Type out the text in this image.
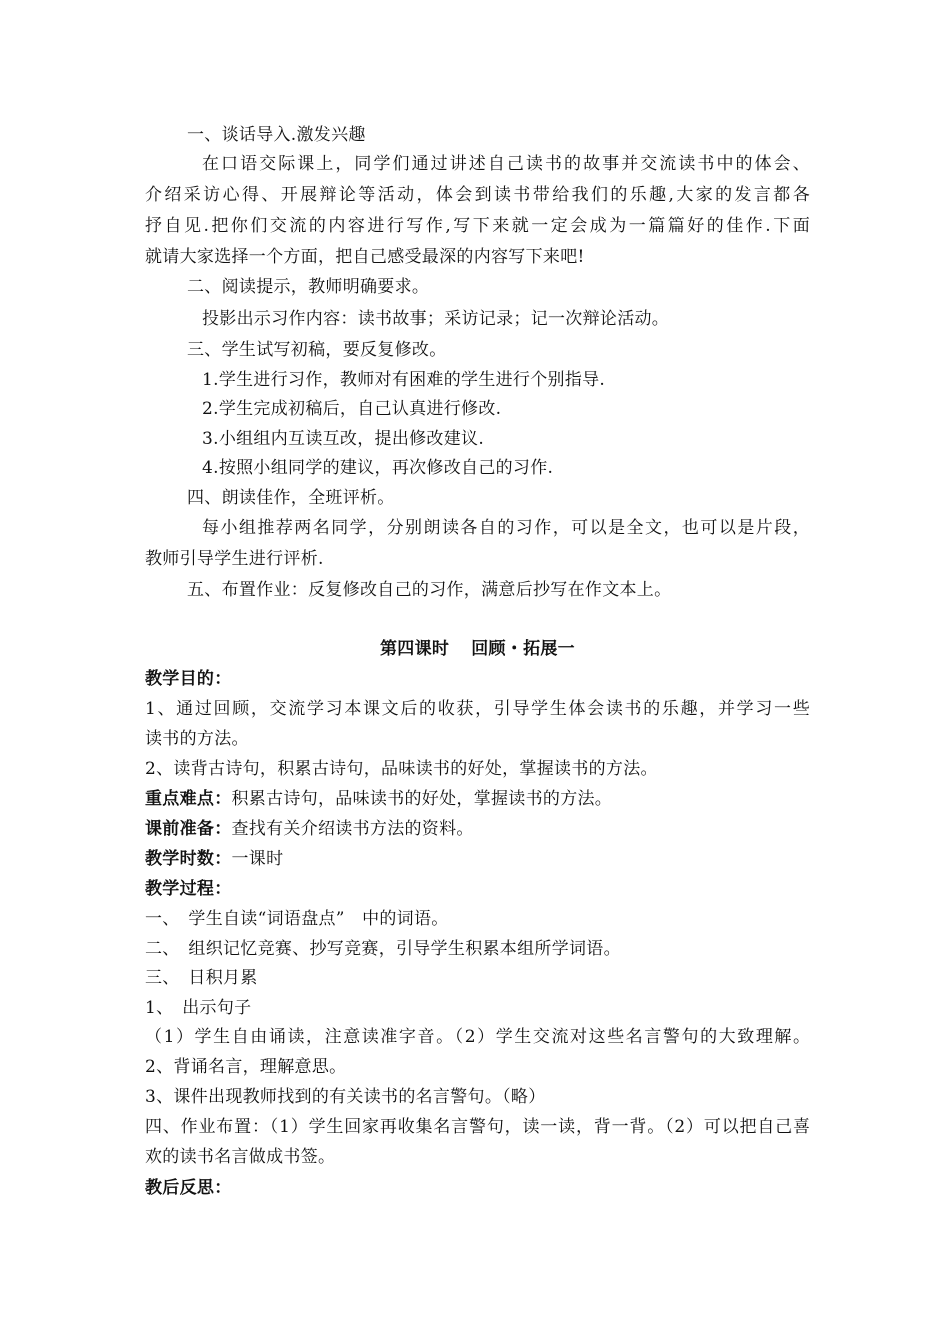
一、谈话导入.激发兴趣
在口语交际课上，同学们通过讲述自己读书的故事并交流读书中的体会、
介绍采访心得、开展辩论等活动，体会到读书带给我们的乐趣,大家的发言都各
抒自见.把你们交流的内容进行写作,写下来就一定会成为一篇篇好的佳作.下面
就请大家选择一个方面，把自己感受最深的内容写下来吧!
二、阅读提示，教师明确要求。
投影出示习作内容：读书故事；采访记录；记一次辩论活动。
三、学生试写初稿，要反复修改。
1.学生进行习作，教师对有困难的学生进行个别指导.
2.学生完成初稿后，自己认真进行修改.
3.小组组内互读互改，提出修改建议.
4.按照小组同学的建议，再次修改自己的习作.
四、朗读佳作，全班评析。
每小组推荐两名同学，分别朗读各自的习作，可以是全文，也可以是片段，
教师引导学生进行评析.
五、布置作业：反复修改自己的习作，满意后抄写在作文本上。
第四课时 回顾・拓展一
教学目的：
1、通过回顾，交流学习本课文后的收获，引导学生体会读书的乐趣，并学习一些
读书的方法。
2、读背古诗句，积累古诗句，品味读书的好处，掌握读书的方法。
重点难点：积累古诗句，品味读书的好处，掌握读书的方法。
课前准备：查找有关介绍读书方法的资料。
教学时数：一课时
教学过程：
一、　学生自读“词语盘点”　中的词语。
二、　组织记忆竞赛、抄写竞赛，引导学生积累本组所学词语。
三、　日积月累
1、　出示句子
（1）学生自由诵读，注意读准字音。（2）学生交流对这些名言警句的大致理解。
2、背诵名言，理解意思。
3、课件出现教师找到的有关读书的名言警句。（略）
四、作业布置：（1）学生回家再收集名言警句，读一读，背一背。（2）可以把自己喜
欢的读书名言做成书签。
教后反思：
